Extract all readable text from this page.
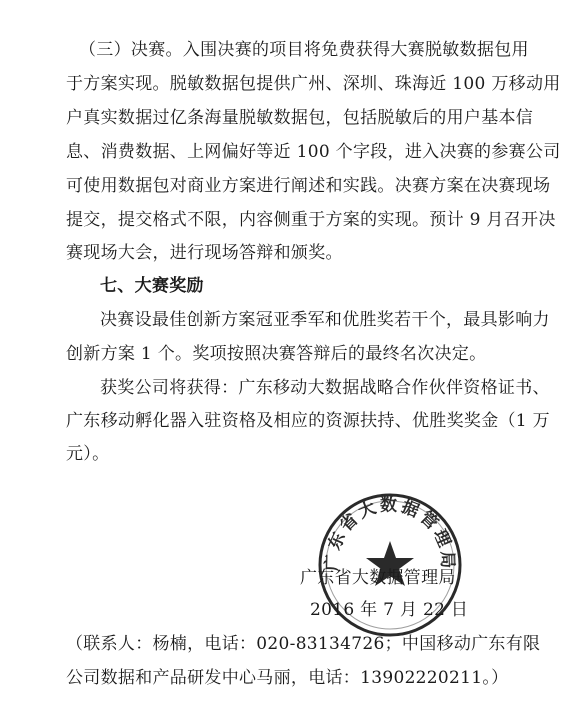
（三）决赛。入围决赛的项目将免费获得大赛脱敏数据包用
于方案实现。脱敏数据包提供广州、深圳、珠海近 100 万移动用
户真实数据过亿条海量脱敏数据包，包括脱敏后的用户基本信
息、消费数据、上网偏好等近 100 个字段，进入决赛的参赛公司
可使用数据包对商业方案进行阐述和实践。决赛方案在决赛现场
提交，提交格式不限，内容侧重于方案的实现。预计 9 月召开决
赛现场大会，进行现场答辩和颁奖。
七、大赛奖励
决赛设最佳创新方案冠亚季军和优胜奖若干个，最具影响力
创新方案 1 个。奖项按照决赛答辩后的最终名次决定。
获奖公司将获得：广东移动大数据战略合作伙伴资格证书、
广东移动孵化器入驻资格及相应的资源扶持、优胜奖奖金（1 万
元）。
广东省大数据管理局
广东省大数据管理局
2016 年 7 月 22 日
（联系人：杨楠，电话：020-83134726；中国移动广东有限
公司数据和产品研发中心马丽，电话：13902220211。）
